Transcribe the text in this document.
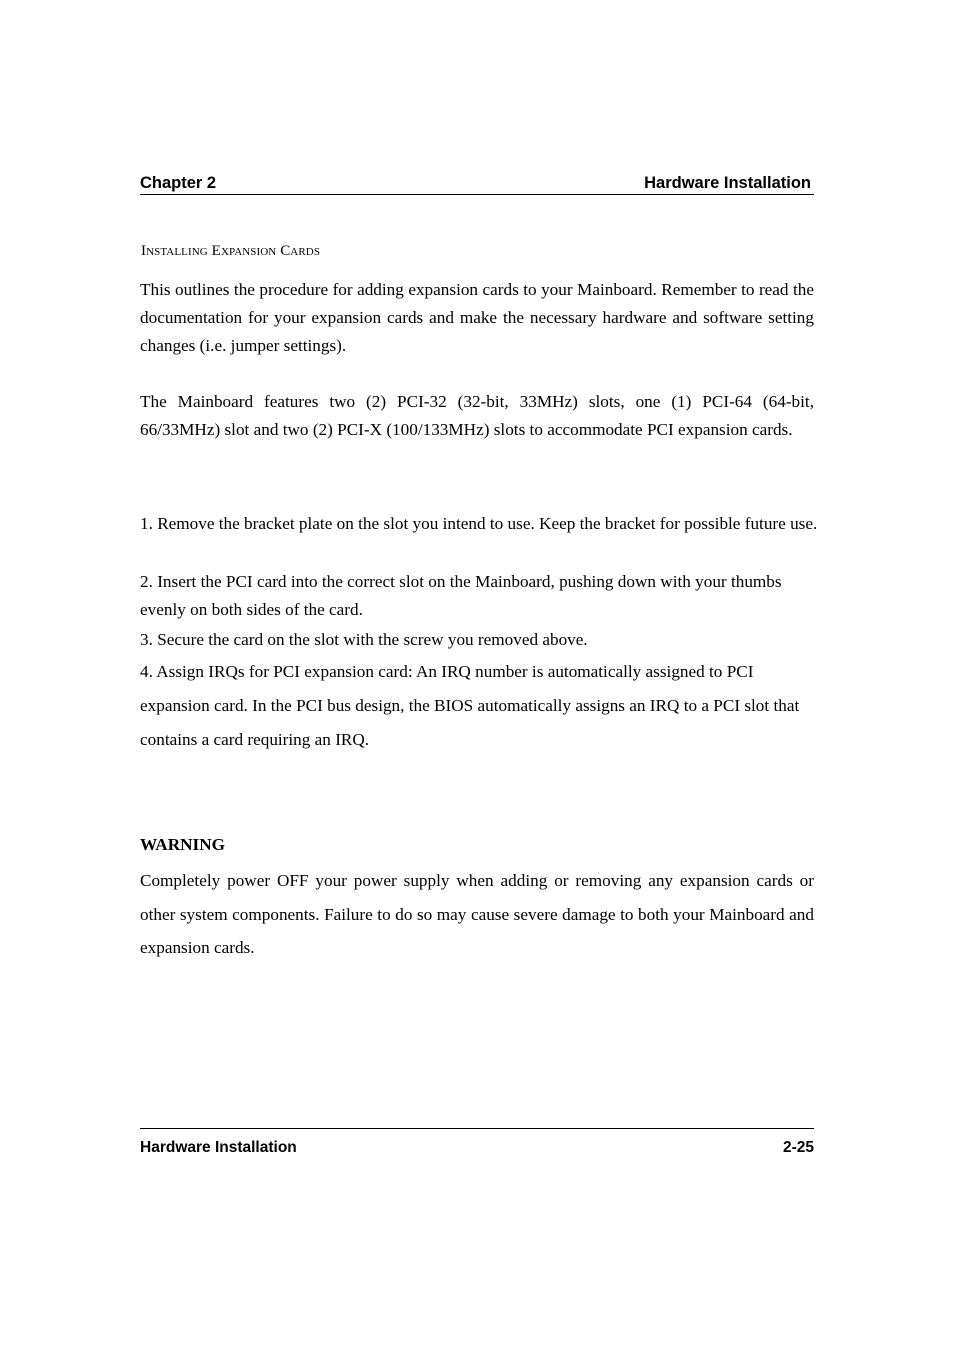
Chapter 2	Hardware Installation
Installing Expansion Cards
This outlines the procedure for adding expansion cards to your Mainboard. Remember to read the documentation for your expansion cards and make the necessary hardware and software setting changes (i.e. jumper settings).
The Mainboard features two (2) PCI-32 (32-bit, 33MHz) slots, one (1) PCI-64 (64-bit, 66/33MHz) slot and two (2) PCI-X (100/133MHz) slots to accommodate PCI expansion cards.
1. Remove the bracket plate on the slot you intend to use. Keep the bracket for possible future use.
2. Insert the PCI card into the correct slot on the Mainboard, pushing down with your thumbs evenly on both sides of the card.
3. Secure the card on the slot with the screw you removed above.
4. Assign IRQs for PCI expansion card: An IRQ number is automatically assigned to PCI expansion card. In the PCI bus design, the BIOS automatically assigns an IRQ to a PCI slot that contains a card requiring an IRQ.
WARNING
Completely power OFF your power supply when adding or removing any expansion cards or other system components. Failure to do so may cause severe damage to both your Mainboard and expansion cards.
Hardware Installation	2-25
